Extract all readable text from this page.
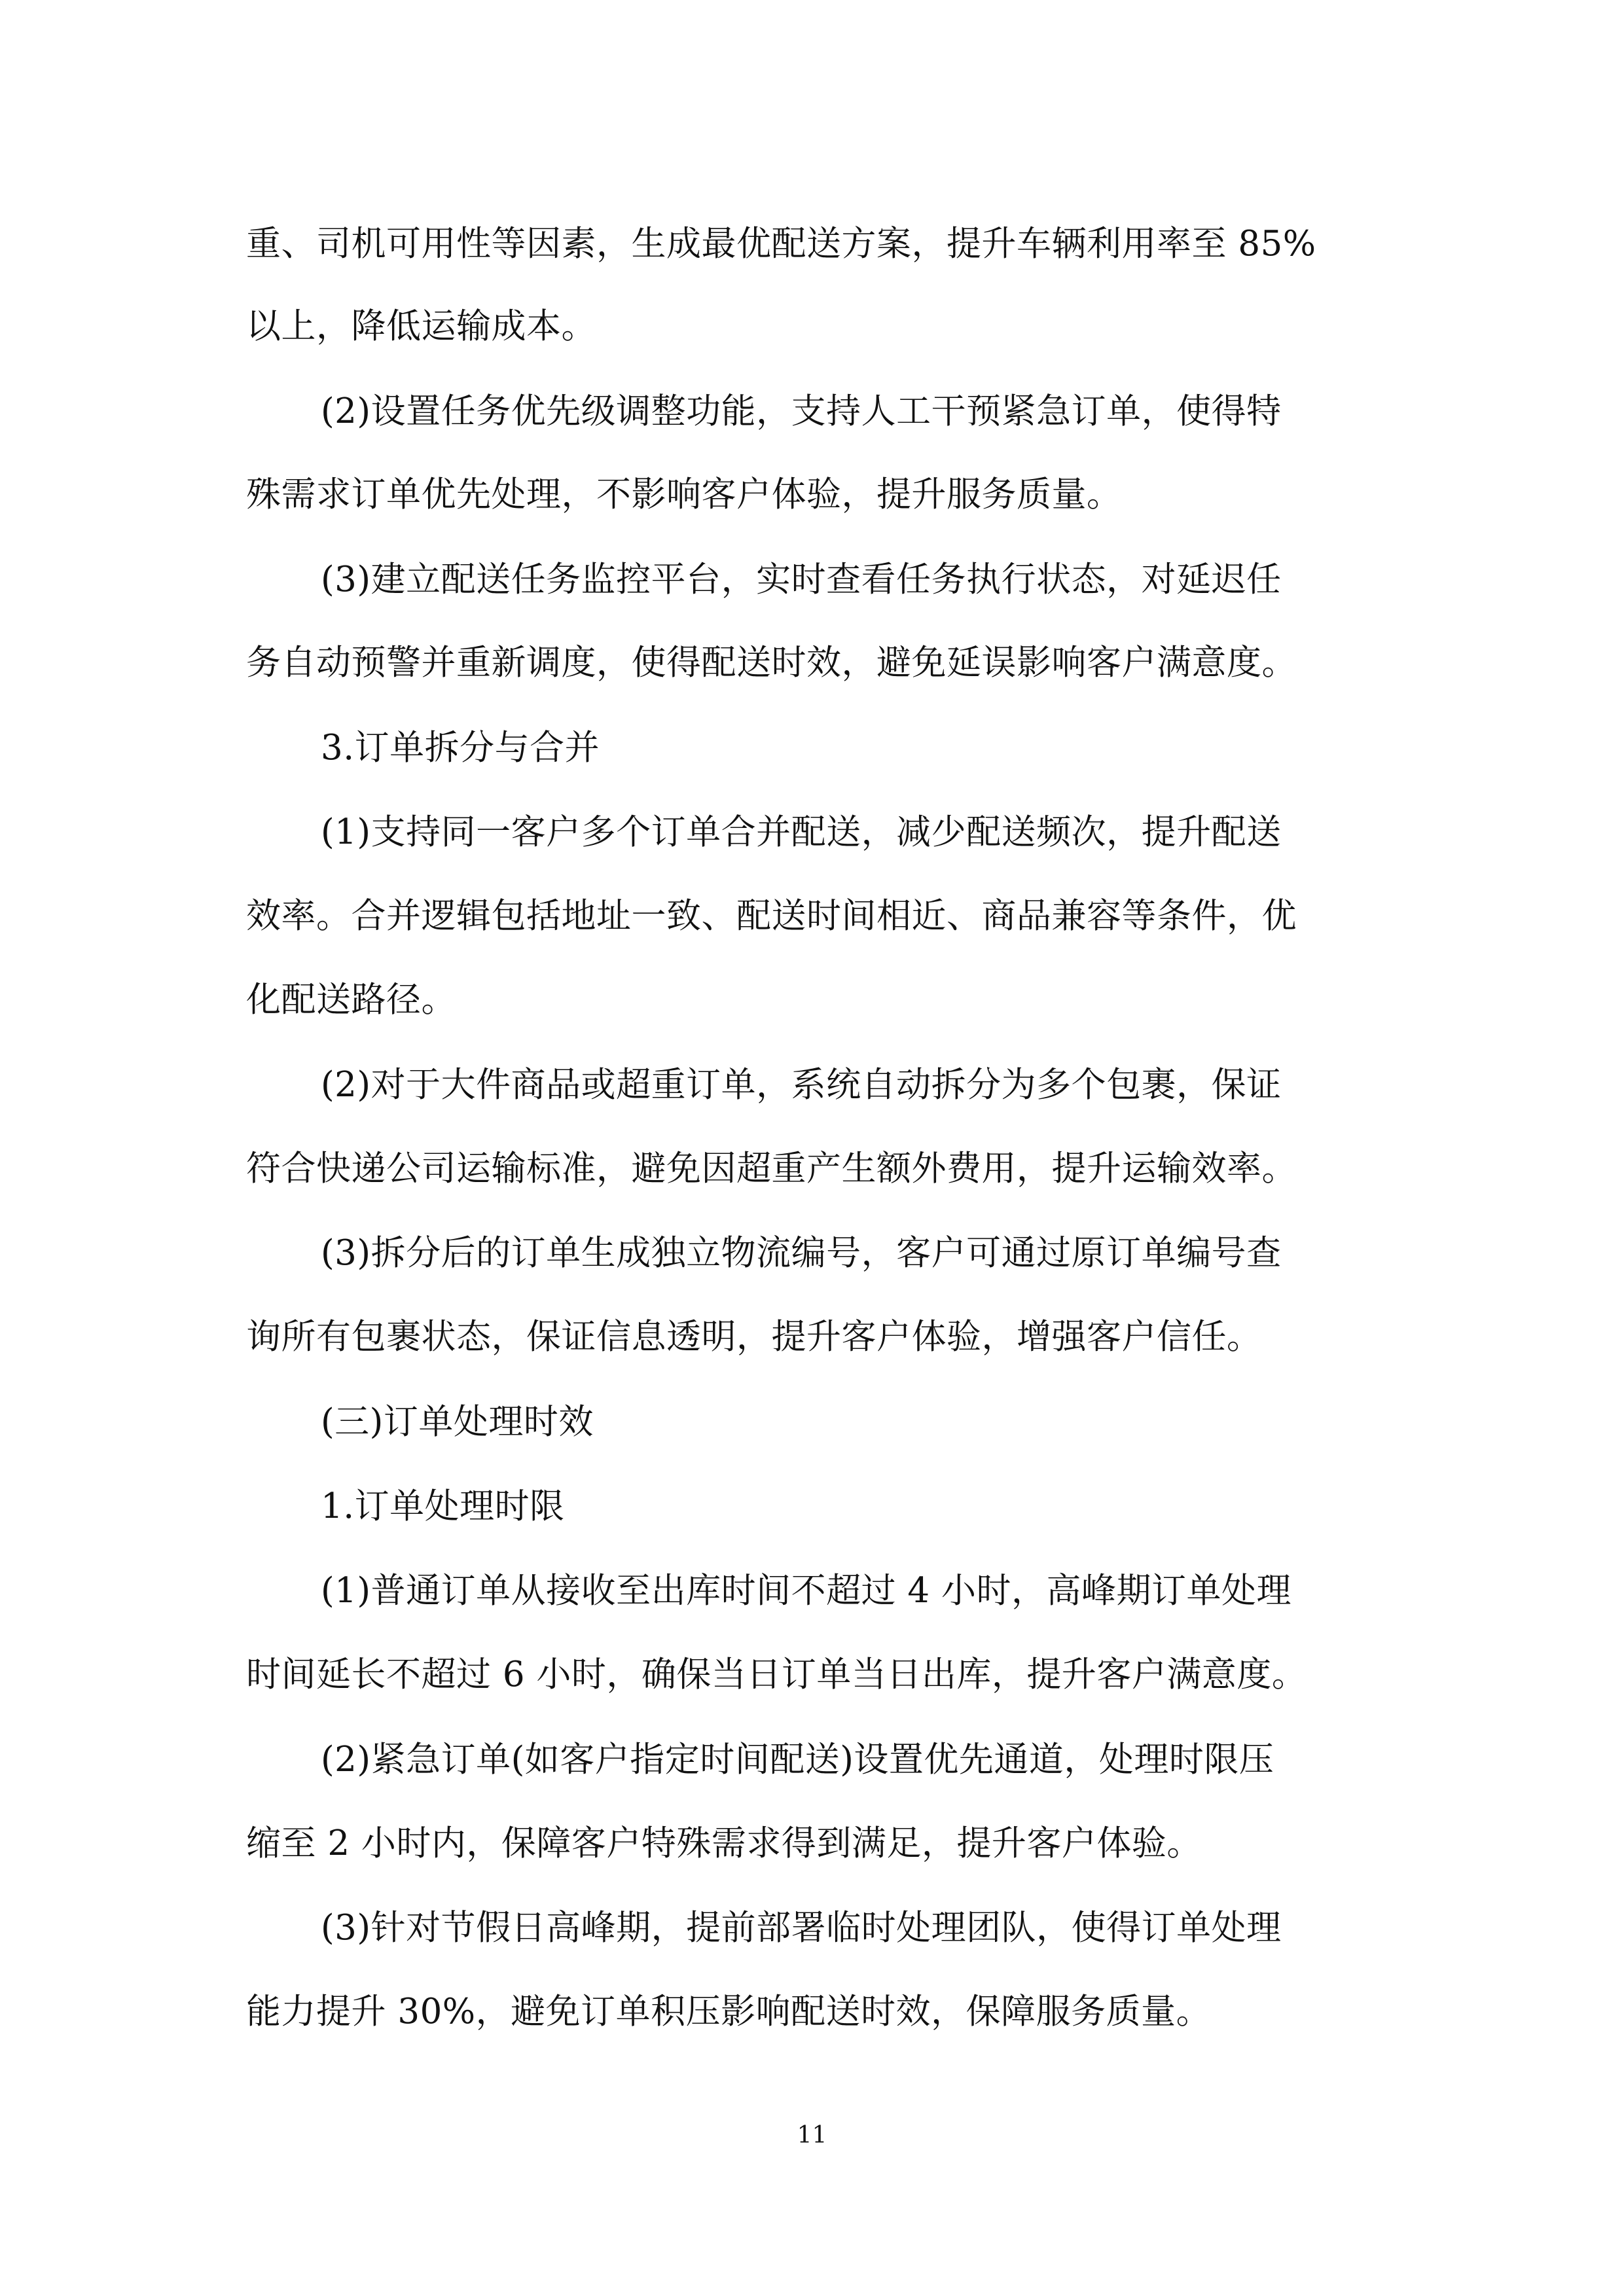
重、司机可用性等因素，生成最优配送方案，提升车辆利用率至 85%
以上，降低运输成本。
(2)设置任务优先级调整功能，支持人工干预紧急订单，使得特
殊需求订单优先处理，不影响客户体验，提升服务质量。
(3)建立配送任务监控平台，实时查看任务执行状态，对延迟任
务自动预警并重新调度，使得配送时效，避免延误影响客户满意度。
3.订单拆分与合并
(1)支持同一客户多个订单合并配送，减少配送频次，提升配送
效率。合并逻辑包括地址一致、配送时间相近、商品兼容等条件，优
化配送路径。
(2)对于大件商品或超重订单，系统自动拆分为多个包裹，保证
符合快递公司运输标准，避免因超重产生额外费用，提升运输效率。
(3)拆分后的订单生成独立物流编号，客户可通过原订单编号查
询所有包裹状态，保证信息透明，提升客户体验，增强客户信任。
(三)订单处理时效
1.订单处理时限
(1)普通订单从接收至出库时间不超过 4 小时，高峰期订单处理
时间延长不超过 6 小时，确保当日订单当日出库，提升客户满意度。
(2)紧急订单(如客户指定时间配送)设置优先通道，处理时限压
缩至 2 小时内，保障客户特殊需求得到满足，提升客户体验。
(3)针对节假日高峰期，提前部署临时处理团队，使得订单处理
能力提升 30%，避免订单积压影响配送时效，保障服务质量。
11
